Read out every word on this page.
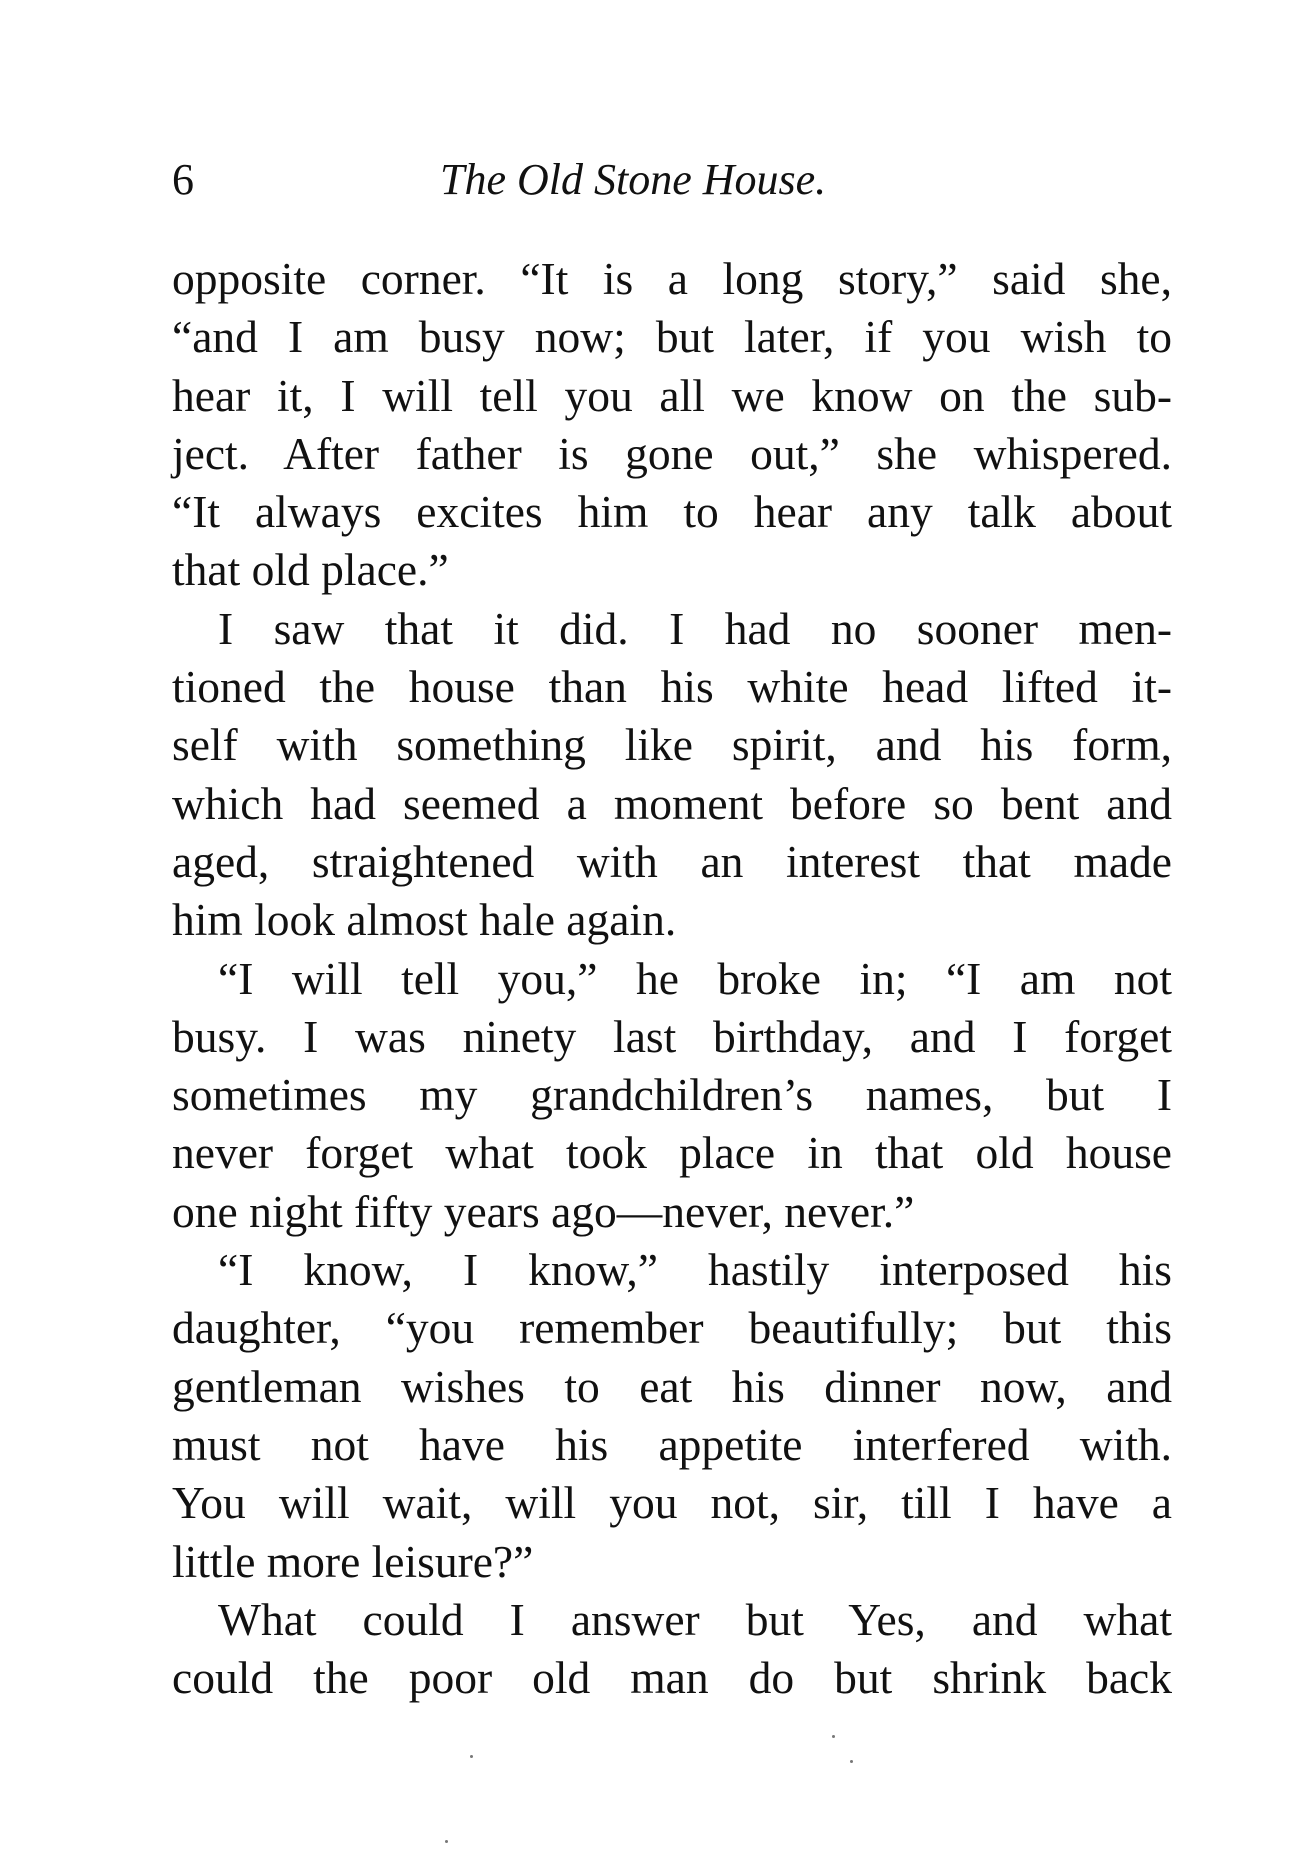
6	The Old Stone House.
opposite corner. “It is a long story,” said she,
“and I am busy now; but later, if you wish to
hear it, I will tell you all we know on the sub-
ject. After father is gone out,” she whispered.
“It always excites him to hear any talk about
that old place.”
I saw that it did. I had no sooner men-
tioned the house than his white head lifted it-
self with something like spirit, and his form,
which had seemed a moment before so bent and
aged, straightened with an interest that made
him look almost hale again.
“I will tell you,” he broke in; “I am not
busy. I was ninety last birthday, and I forget
sometimes my grandchildren’s names, but I
never forget what took place in that old house
one night fifty years ago—never, never.”
“I know, I know,” hastily interposed his
daughter, “you remember beautifully; but this
gentleman wishes to eat his dinner now, and
must not have his appetite interfered with.
You will wait, will you not, sir, till I have a
little more leisure?”
What could I answer but Yes, and what
could the poor old man do but shrink back
